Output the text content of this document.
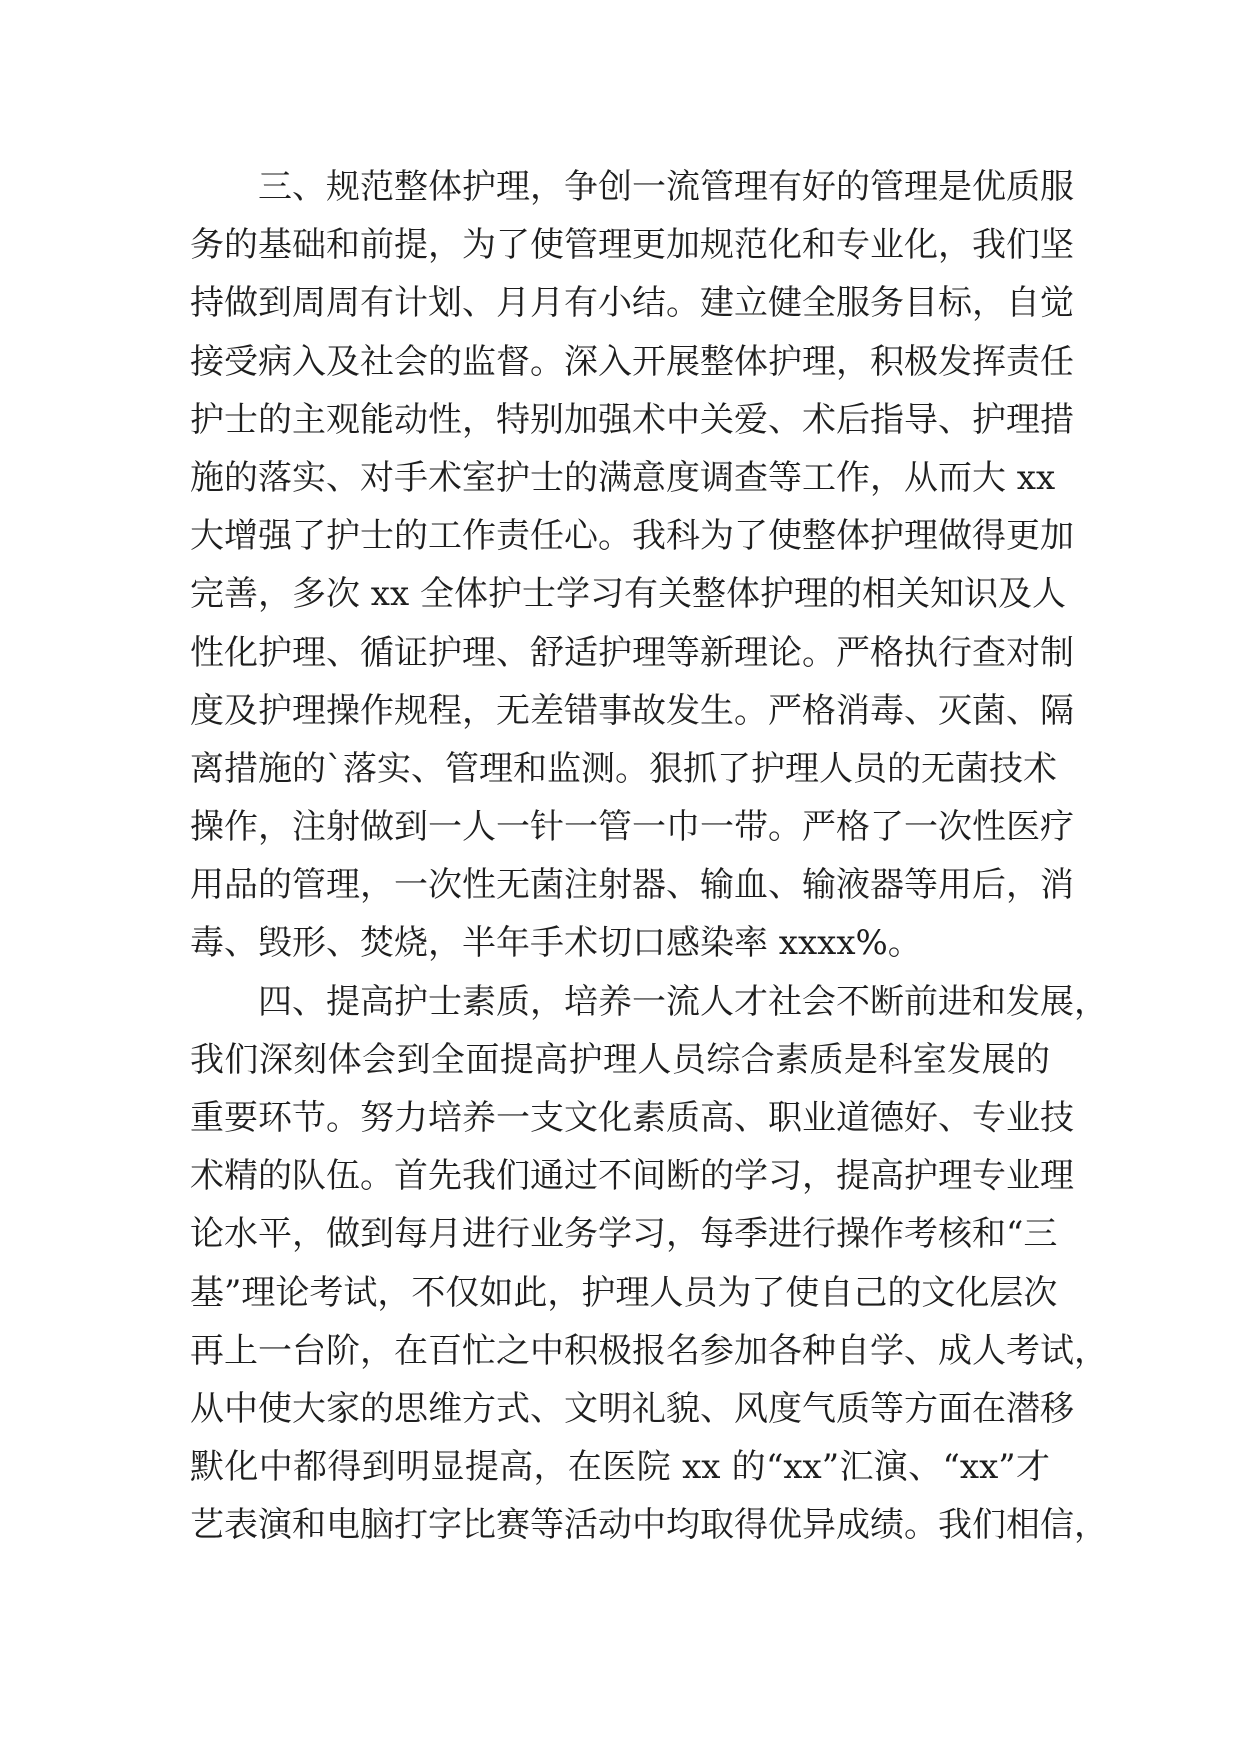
三、规范整体护理，争创一流管理有好的管理是优质服
务的基础和前提，为了使管理更加规范化和专业化，我们坚
持做到周周有计划、月月有小结。建立健全服务目标，自觉
接受病入及社会的监督。深入开展整体护理，积极发挥责任
护士的主观能动性，特别加强术中关爱、术后指导、护理措
施的落实、对手术室护士的满意度调查等工作，从而大 xx
大增强了护士的工作责任心。我科为了使整体护理做得更加
完善，多次 xx 全体护士学习有关整体护理的相关知识及人
性化护理、循证护理、舒适护理等新理论。严格执行查对制
度及护理操作规程，无差错事故发生。严格消毒、灭菌、隔
离措施的`落实、管理和监测。狠抓了护理人员的无菌技术
操作，注射做到一人一针一管一巾一带。严格了一次性医疗
用品的管理，一次性无菌注射器、输血、输液器等用后，消
毒、毁形、焚烧，半年手术切口感染率 xxxx%。
四、提高护士素质，培养一流人才社会不断前进和发展，
我们深刻体会到全面提高护理人员综合素质是科室发展的
重要环节。努力培养一支文化素质高、职业道德好、专业技
术精的队伍。首先我们通过不间断的学习，提高护理专业理
论水平，做到每月进行业务学习，每季进行操作考核和“三
基”理论考试，不仅如此，护理人员为了使自己的文化层次
再上一台阶，在百忙之中积极报名参加各种自学、成人考试，
从中使大家的思维方式、文明礼貌、风度气质等方面在潜移
默化中都得到明显提高，在医院 xx 的“xx”汇演、“xx”才
艺表演和电脑打字比赛等活动中均取得优异成绩。我们相信，
